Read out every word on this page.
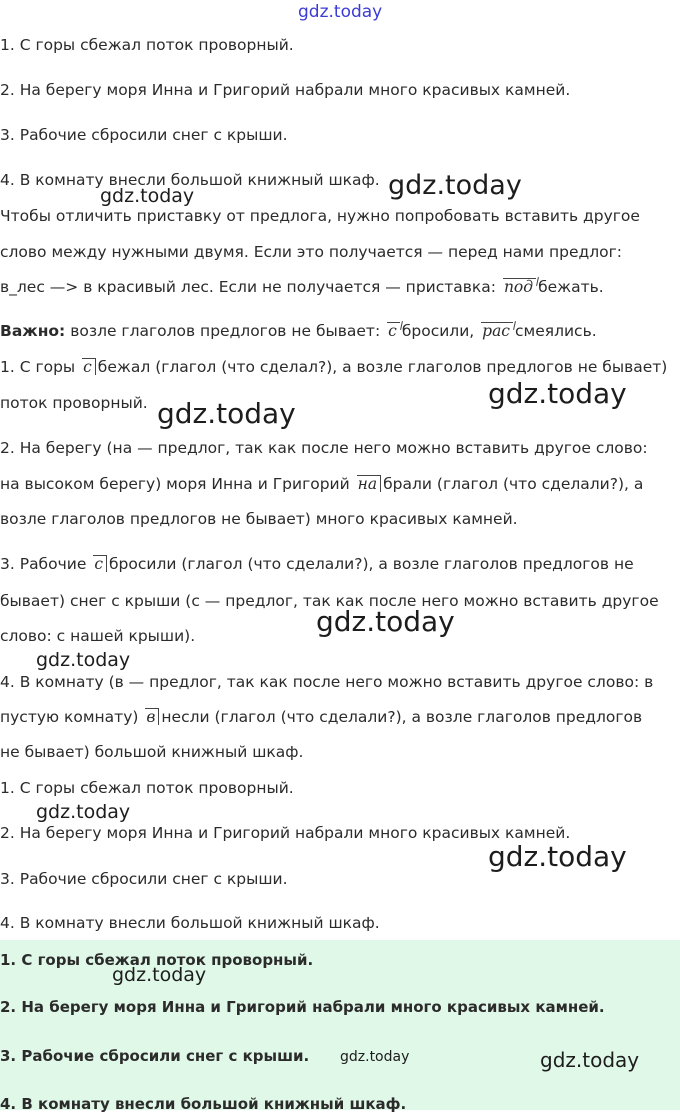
gdz.today
1. С горы сбежал поток проворный.
2. На берегу моря Инна и Григорий набрали много красивых камней.
3. Рабочие сбросили снег с крыши.
4. В комнату внесли большой книжный шкаф.
Чтобы отличить приставку от предлога, нужно попробовать вставить другое
слово между нужными двумя. Если это получается — перед нами предлог:
в_лес —> в красивый лес. Если не получается — приставка: под бежать.
Важно: возле глаголов предлогов не бывает: с бросили, рас смеялись.
1. С горы с бежал (глагол (что сделал?), а возле глаголов предлогов не бывает)
поток проворный.
2. На берегу (на — предлог, так как после него можно вставить другое слово:
на высоком берегу) моря Инна и Григорий на брали (глагол (что сделали?), а
возле глаголов предлогов не бывает) много красивых камней.
3. Рабочие с бросили (глагол (что сделали?), а возле глаголов предлогов не
бывает) снег с крыши (с — предлог, так как после него можно вставить другое
слово: с нашей крыши).
4. В комнату (в — предлог, так как после него можно вставить другое слово: в
пустую комнату) в несли (глагол (что сделали?), а возле глаголов предлогов
не бывает) большой книжный шкаф.
1. С горы сбежал поток проворный.
2. На берегу моря Инна и Григорий набрали много красивых камней.
3. Рабочие сбросили снег с крыши.
4. В комнату внесли большой книжный шкаф.
1. С горы сбежал поток проворный.
2. На берегу моря Инна и Григорий набрали много красивых камней.
3. Рабочие сбросили снег с крыши.
4. В комнату внесли большой книжный шкаф.
gdz.today
gdz.today
gdz.today
gdz.today
gdz.today
gdz.today
gdz.today
gdz.today
gdz.today
gdz.today	gdz.today
